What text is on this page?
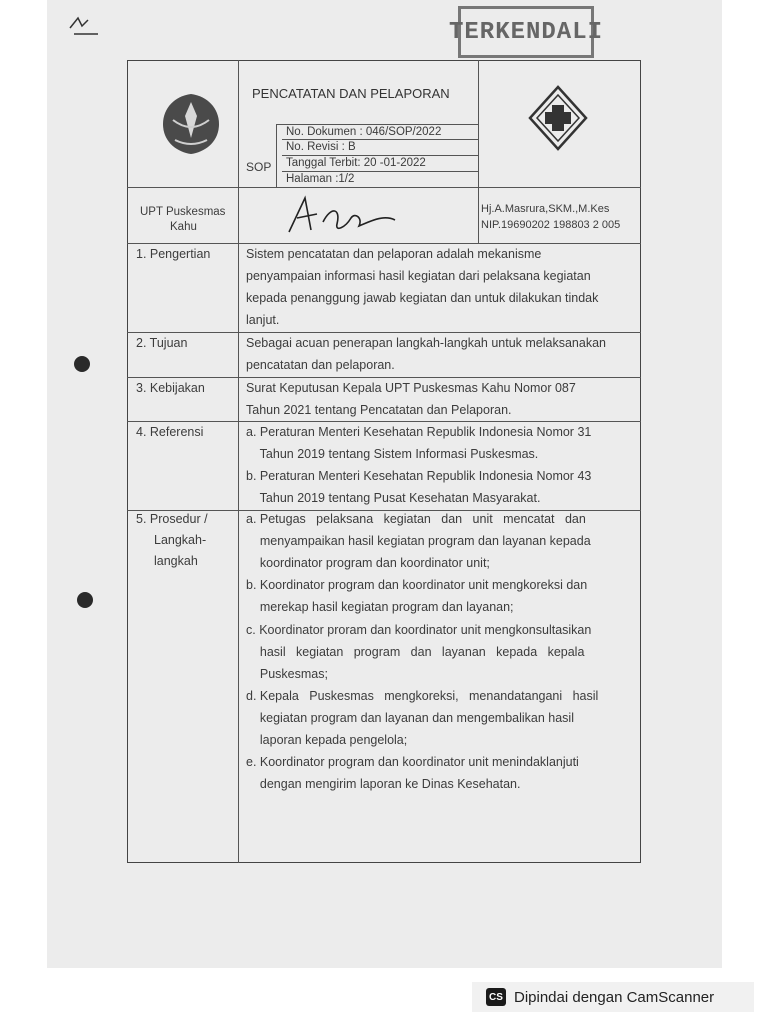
TERKENDALI
PENCATATAN DAN PELAPORAN
SOP
No. Dokumen : 046/SOP/2022
No. Revisi : B
Tanggal Terbit: 20 -01-2022
Halaman :1/2
UPT Puskesmas
Kahu
Hj.A.Masrura,SKM.,M.Kes
NIP.19690202 198803 2 005
1. Pengertian
2. Tujuan
3. Kebijakan
4. Referensi
5. Prosedur /
Langkah-
langkah
Sistem pencatatan dan pelaporan adalah mekanisme
penyampaian informasi hasil kegiatan dari pelaksana kegiatan
kepada penanggung jawab kegiatan dan untuk dilakukan tindak
lanjut.
Sebagai acuan penerapan langkah-langkah untuk melaksanakan
pencatatan dan pelaporan.
Surat Keputusan Kepala UPT Puskesmas Kahu Nomor 087
Tahun 2021 tentang Pencatatan dan Pelaporan.
a. Peraturan Menteri Kesehatan Republik Indonesia Nomor 31
Tahun 2019 tentang Sistem Informasi Puskesmas.
b. Peraturan Menteri Kesehatan Republik Indonesia Nomor 43
Tahun 2019 tentang Pusat Kesehatan Masyarakat.
a. Petugas   pelaksana   kegiatan   dan   unit   mencatat   dan
menyampaikan hasil kegiatan program dan layanan kepada
koordinator program dan koordinator unit;
b. Koordinator program dan koordinator unit mengkoreksi dan
merekap hasil kegiatan program dan layanan;
c. Koordinator proram dan koordinator unit mengkonsultasikan
hasil   kegiatan   program   dan   layanan   kepada   kepala
Puskesmas;
d. Kepala   Puskesmas   mengkoreksi,   menandatangani   hasil
kegiatan program dan layanan dan mengembalikan hasil
laporan kepada pengelola;
e. Koordinator program dan koordinator unit menindaklanjuti
dengan mengirim laporan ke Dinas Kesehatan.
CS Dipindai dengan CamScanner
